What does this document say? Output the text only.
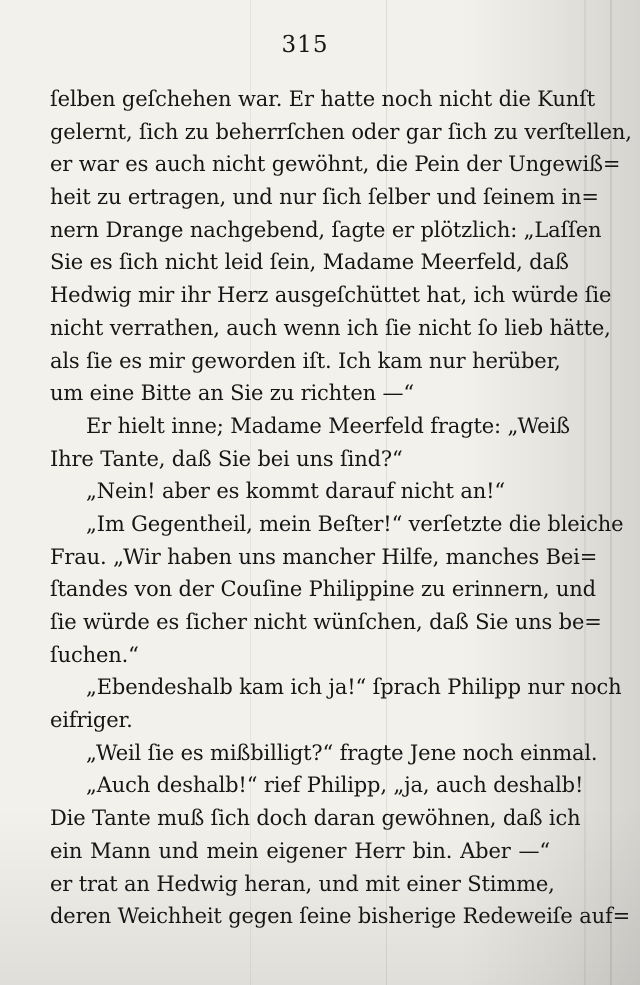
315
ſelben geſchehen war. Er hatte noch nicht die Kunſt
gelernt, ſich zu beherrſchen oder gar ſich zu verſtellen,
er war es auch nicht gewöhnt, die Pein der Ungewiß=
heit zu ertragen, und nur ſich ſelber und ſeinem in=
nern Drange nachgebend, ſagte er plötzlich: „Laſſen
Sie es ſich nicht leid ſein, Madame Meerfeld, daß
Hedwig mir ihr Herz ausgeſchüttet hat, ich würde ſie
nicht verrathen, auch wenn ich ſie nicht ſo lieb hätte,
als ſie es mir geworden iſt. Ich kam nur herüber,
um eine Bitte an Sie zu richten —“
Er hielt inne; Madame Meerfeld fragte: „Weiß
Ihre Tante, daß Sie bei uns ſind?“
„Nein! aber es kommt darauf nicht an!“
„Im Gegentheil, mein Beſter!“ verſetzte die bleiche
Frau. „Wir haben uns mancher Hilfe, manches Bei=
ſtandes von der Couſine Philippine zu erinnern, und
ſie würde es ſicher nicht wünſchen, daß Sie uns be=
ſuchen.“
„Ebendeshalb kam ich ja!“ ſprach Philipp nur noch
eifriger.
„Weil ſie es mißbilligt?“ fragte Jene noch einmal.
„Auch deshalb!“ rief Philipp, „ja, auch deshalb!
Die Tante muß ſich doch daran gewöhnen, daß ich
ein Mann und mein eigener Herr bin. Aber —“
er trat an Hedwig heran, und mit einer Stimme,
deren Weichheit gegen ſeine bisherige Redeweiſe auf=
